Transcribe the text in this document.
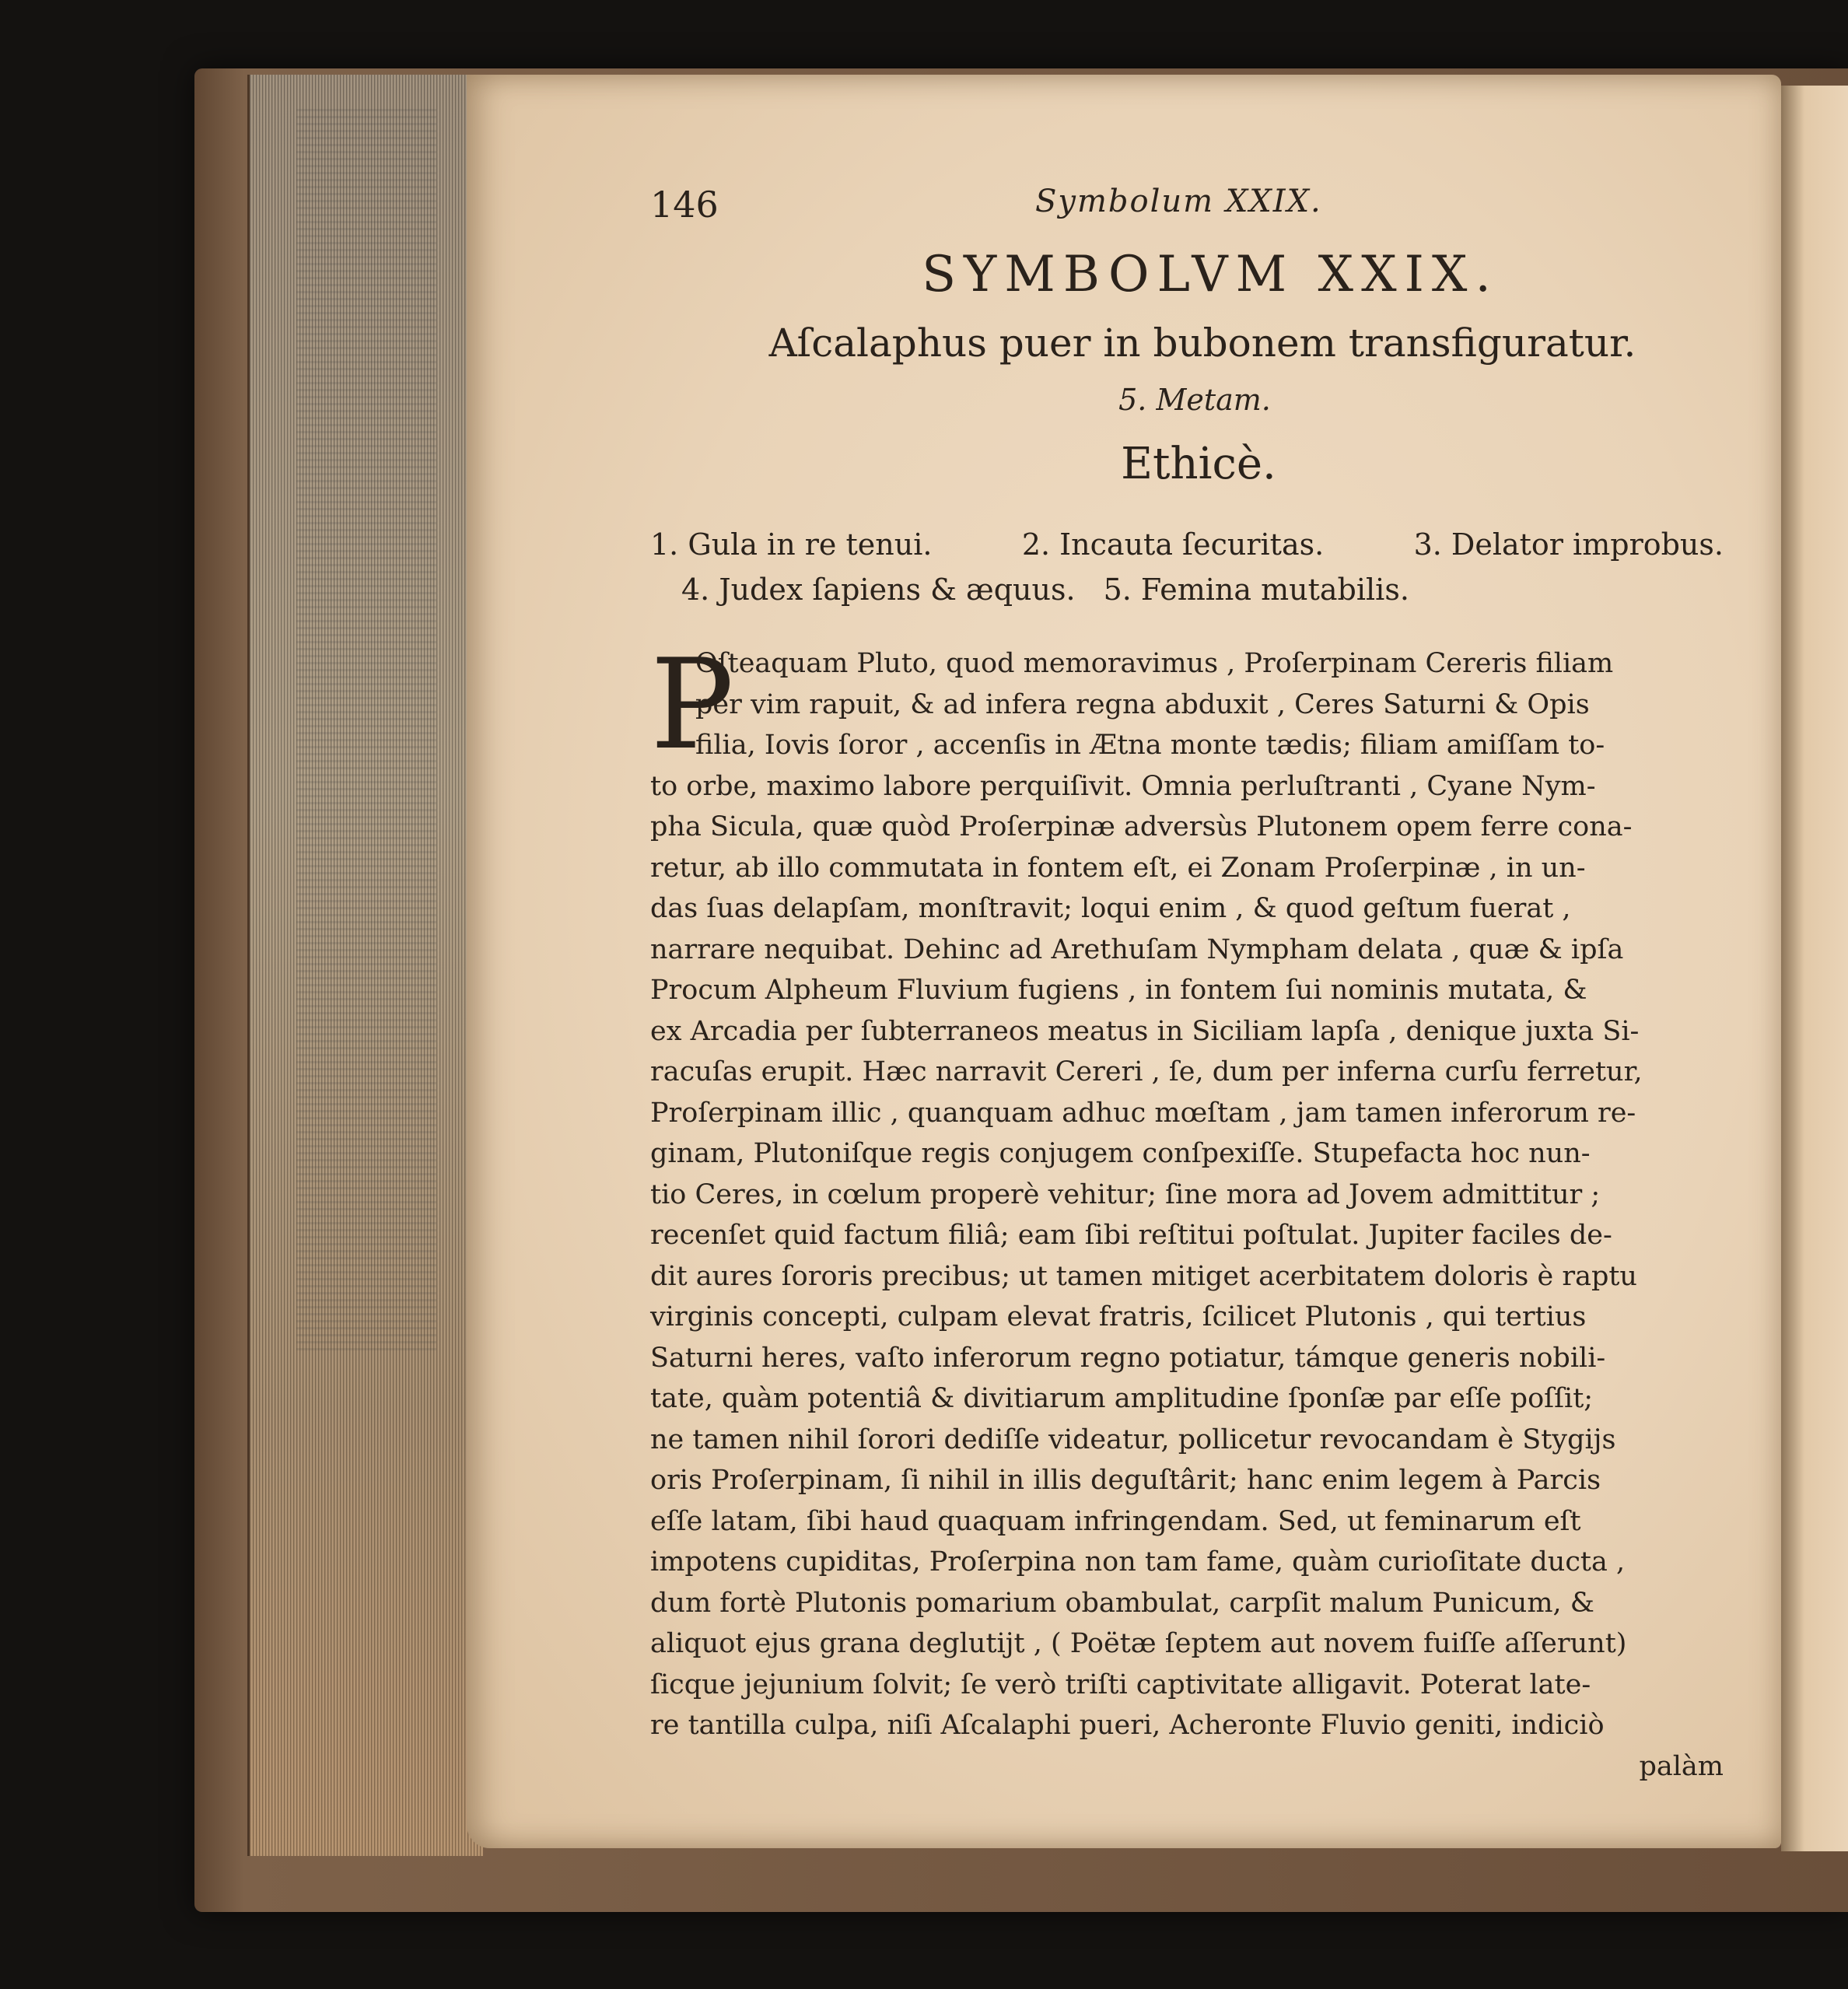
146	Symbolum XXIX.
SYMBOLVM XXIX.
Aſcalaphus puer in bubonem transfiguratur.
5. Metam.
Ethicè.
1. Gula in re tenui.	2. Incauta ſecuritas.	3. Delator improbus.
4. Judex ſapiens & æquus. 5. Femina mutabilis.
P
Oſteaquam Pluto, quod memoravimus , Proſerpinam Cereris filiam
per vim rapuit, & ad infera regna abduxit , Ceres Saturni & Opis
filia, Iovis ſoror , accenſis in Ætna monte tædis; filiam amiſſam to-
to orbe, maximo labore perquiſivit. Omnia perluſtranti , Cyane Nym-
pha Sicula, quæ quòd Proſerpinæ adversùs Plutonem opem ferre cona-
retur, ab illo commutata in fontem eſt, ei Zonam Proſerpinæ , in un-
das ſuas delapſam, monſtravit; loqui enim , & quod geſtum fuerat ,
narrare nequibat. Dehinc ad Arethuſam Nympham delata , quæ & ipſa
Procum Alpheum Fluvium fugiens , in fontem ſui nominis mutata, &
ex Arcadia per ſubterraneos meatus in Siciliam lapſa , denique juxta Si-
racuſas erupit. Hæc narravit Cereri , ſe, dum per inferna curſu ferretur,
Proſerpinam illic , quanquam adhuc mœſtam , jam tamen inferorum re-
ginam, Plutoniſque regis conjugem conſpexiſſe. Stupefacta hoc nun-
tio Ceres, in cœlum properè vehitur; ſine mora ad Jovem admittitur ;
recenſet quid factum filiâ; eam ſibi reſtitui poſtulat. Jupiter faciles de-
dit aures ſororis precibus; ut tamen mitiget acerbitatem doloris è raptu
virginis concepti, culpam elevat fratris, ſcilicet Plutonis , qui tertius
Saturni heres, vaſto inferorum regno potiatur, támque generis nobili-
tate, quàm potentiâ & divitiarum amplitudine ſponſæ par eſſe poſſit;
ne tamen nihil ſorori dediſſe videatur, pollicetur revocandam è Stygijs
oris Proſerpinam, ſi nihil in illis deguſtârit; hanc enim legem à Parcis
eſſe latam, ſibi haud quaquam infringendam. Sed, ut feminarum eſt
impotens cupiditas, Proſerpina non tam fame, quàm curioſitate ducta ,
dum fortè Plutonis pomarium obambulat, carpſit malum Punicum, &
aliquot ejus grana deglutijt , ( Poëtæ ſeptem aut novem fuiſſe aſſerunt)
ſicque jejunium ſolvit; ſe verò triſti captivitate alligavit. Poterat late-
re tantilla culpa, niſi Aſcalaphi pueri, Acheronte Fluvio geniti, indiciò
palàm
